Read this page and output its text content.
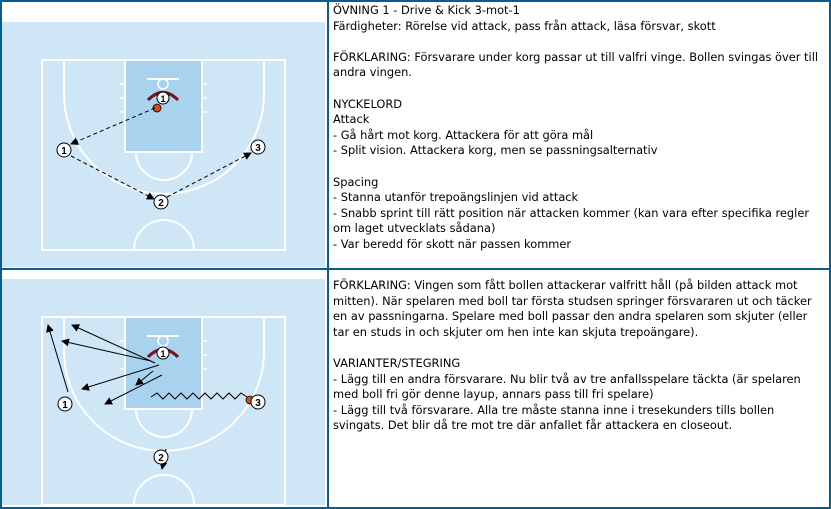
1
1
2
3

ÖVNING 1 - Drive & Kick 3-mot-1

Färdigheter: Rörelse vid attack, pass från attack, läsa försvar, skott

FÖRKLARING: Försvarare under korg passar ut till valfri vinge. Bollen svingas över till andra vingen.

NYCKELORD

Attack

- Gå hårt mot korg. Attackera för att göra mål

- Split vision. Attackera korg, men se passningsalternativ

Spacing

- Stanna utanför trepoängslinjen vid attack

- Snabb sprint till rätt position när attacken kommer (kan vara efter specifika regler om laget utvecklats sådana)

- Var beredd för skott när passen kommer

1
1
2
3

FÖRKLARING: Vingen som fått bollen attackerar valfritt håll (på bilden attack mot mitten). När spelaren med boll tar första studsen springer försvararen ut och täcker en av passningarna. Spelare med boll passar den andra spelaren som skjuter (eller tar en studs in och skjuter om hen inte kan skjuta trepoängare).

VARIANTER/STEGRING

- Lägg till en andra försvarare. Nu blir två av tre anfallsspelare täckta (är spelaren med boll fri gör denne layup, annars pass till fri spelare)

- Lägg till två försvarare. Alla tre måste stanna inne i tresekunders tills bollen svingats. Det blir då tre mot tre där anfallet får attackera en closeout.
